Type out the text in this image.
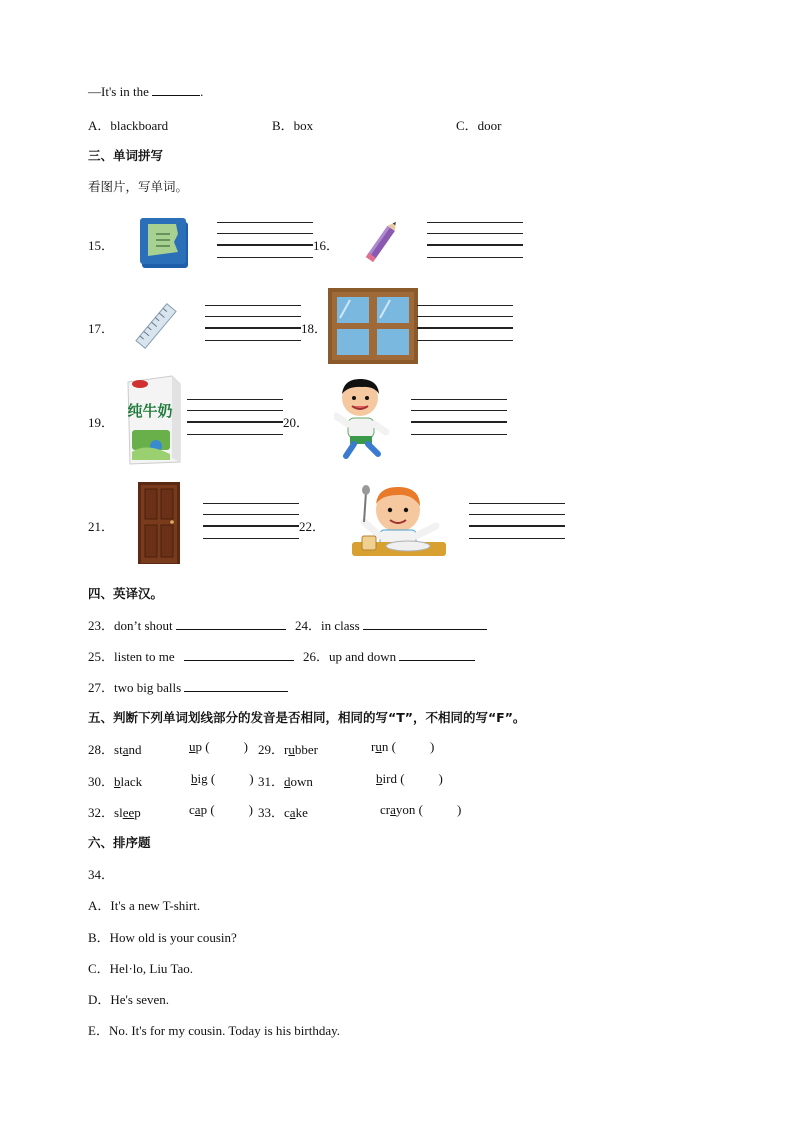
—It's in the	.
A．blackboard	B．box	C．door
三、单词拼写
看图片，写单词。
15．	16．
17．	18．
19．
纯牛奶
20．
21．	22．
四、英译汉。
23．don’t shout	24．in class
25．listen to me	26．up and down
27．two big balls
五、判断下列单词划线部分的发音是否相同，相同的写“T”，不相同的写“F”。
28．stand	up (	) 29．rubber	run (	)
30．black	big (	) 31．down	bird (	)
32．sleep	cap (	) 33．cake	crayon (	)
六、排序题
34．
A．It's a new T-shirt.
B．How old is your cousin?
C．Hel·lo, Liu Tao.
D．He's seven.
E．No. It's for my cousin. Today is his birthday.
